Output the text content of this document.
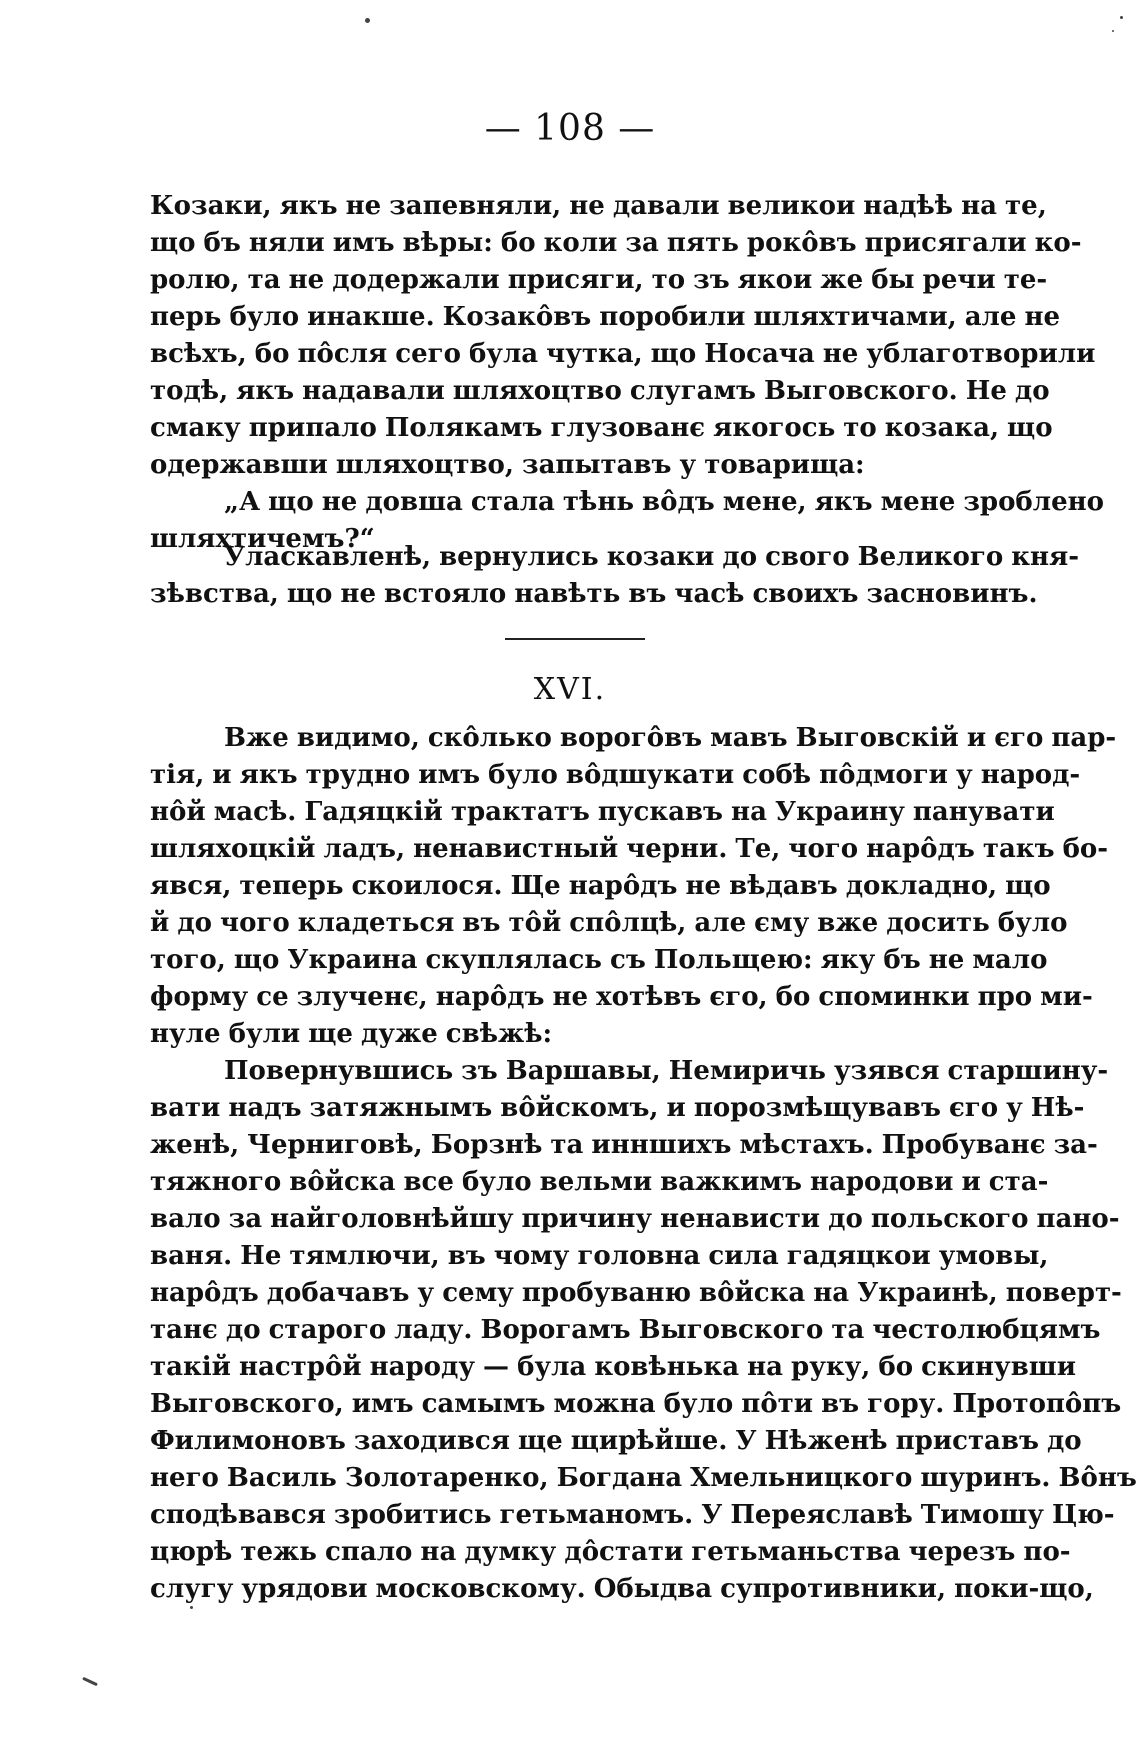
— 108 —
Козаки, якъ не запевняли, не давали великои надѣѣ на те,
що бъ няли имъ вѣры: бо коли за пять рокôвъ присягали ко-
ролю, та не додержали присяги, то зъ якои же бы речи те-
перь було инакше. Козакôвъ поробили шляхтичами, але не
всѣхъ, бо пôсля сего була чутка, що Носача не ублаготворили
тодѣ, якъ надавали шляхоцтво слугамъ Выговского. Не до
смаку припало Полякамъ глузованє якогось то козака, що
одержавши шляхоцтво, запытавъ у товарища:
„А що не довша стала тѣнь вôдъ мене, якъ мене зроблено
шляхтичемъ?“
Уласкавленѣ, вернулись козаки до свого Великого кня-
зѣвства, що не встояло навѣть въ часѣ своихъ засновинъ.
XVI.
Вже видимо, скôлько ворогôвъ мавъ Выговскій и єго пар-
тія, и якъ трудно имъ було вôдшукати собѣ пôдмоги у народ-
нôй масѣ. Гадяцкій трактатъ пускавъ на Украину панувати
шляхоцкій ладъ, ненавистный черни. Те, чого нарôдъ такъ бо-
явся, теперь скоилося. Ще нарôдъ не вѣдавъ докладно, що
й до чого кладеться въ тôй спôлцѣ, але єму вже досить було
того, що Украина скуплялась съ Польщею: яку бъ не мало
форму се злученє, нарôдъ не хотѣвъ єго, бо споминки про ми-
нуле були ще дуже свѣжѣ:
Повернувшись зъ Варшавы, Немиричь узявся старшину-
вати надъ затяжнымъ вôйскомъ, и порозмѣщувавъ єго у Нѣ-
женѣ, Черниговѣ, Борзнѣ та инншихъ мѣстахъ. Пробуванє за-
тяжного вôйска все було вельми важкимъ народови и ста-
вало за найголовнѣйшу причину ненависти до польского пано-
ваня. Не тямлючи, въ чому головна сила гадяцкои умовы,
нарôдъ добачавъ у сему пробуваню вôйска на Украинѣ, поверт-
танє до старого ладу. Ворогамъ Выговского та честолюбцямъ
такій настрôй народу — була ковѣнька на руку, бо скинувши
Выговского, имъ самымъ можна було пôти въ гору. Протопôпъ
Филимоновъ заходився ще щирѣйше. У Нѣженѣ приставъ до
него Василь Золотаренко, Богдана Хмельницкого шуринъ. Вôнъ
сподѣвався зробитись гетьманомъ. У Переяславѣ Тимошу Цю-
цюрѣ тежь спало на думку дôстати гетьманьства черезъ по-
слугу урядови московскому. Обыдва супротивники, поки-що,
